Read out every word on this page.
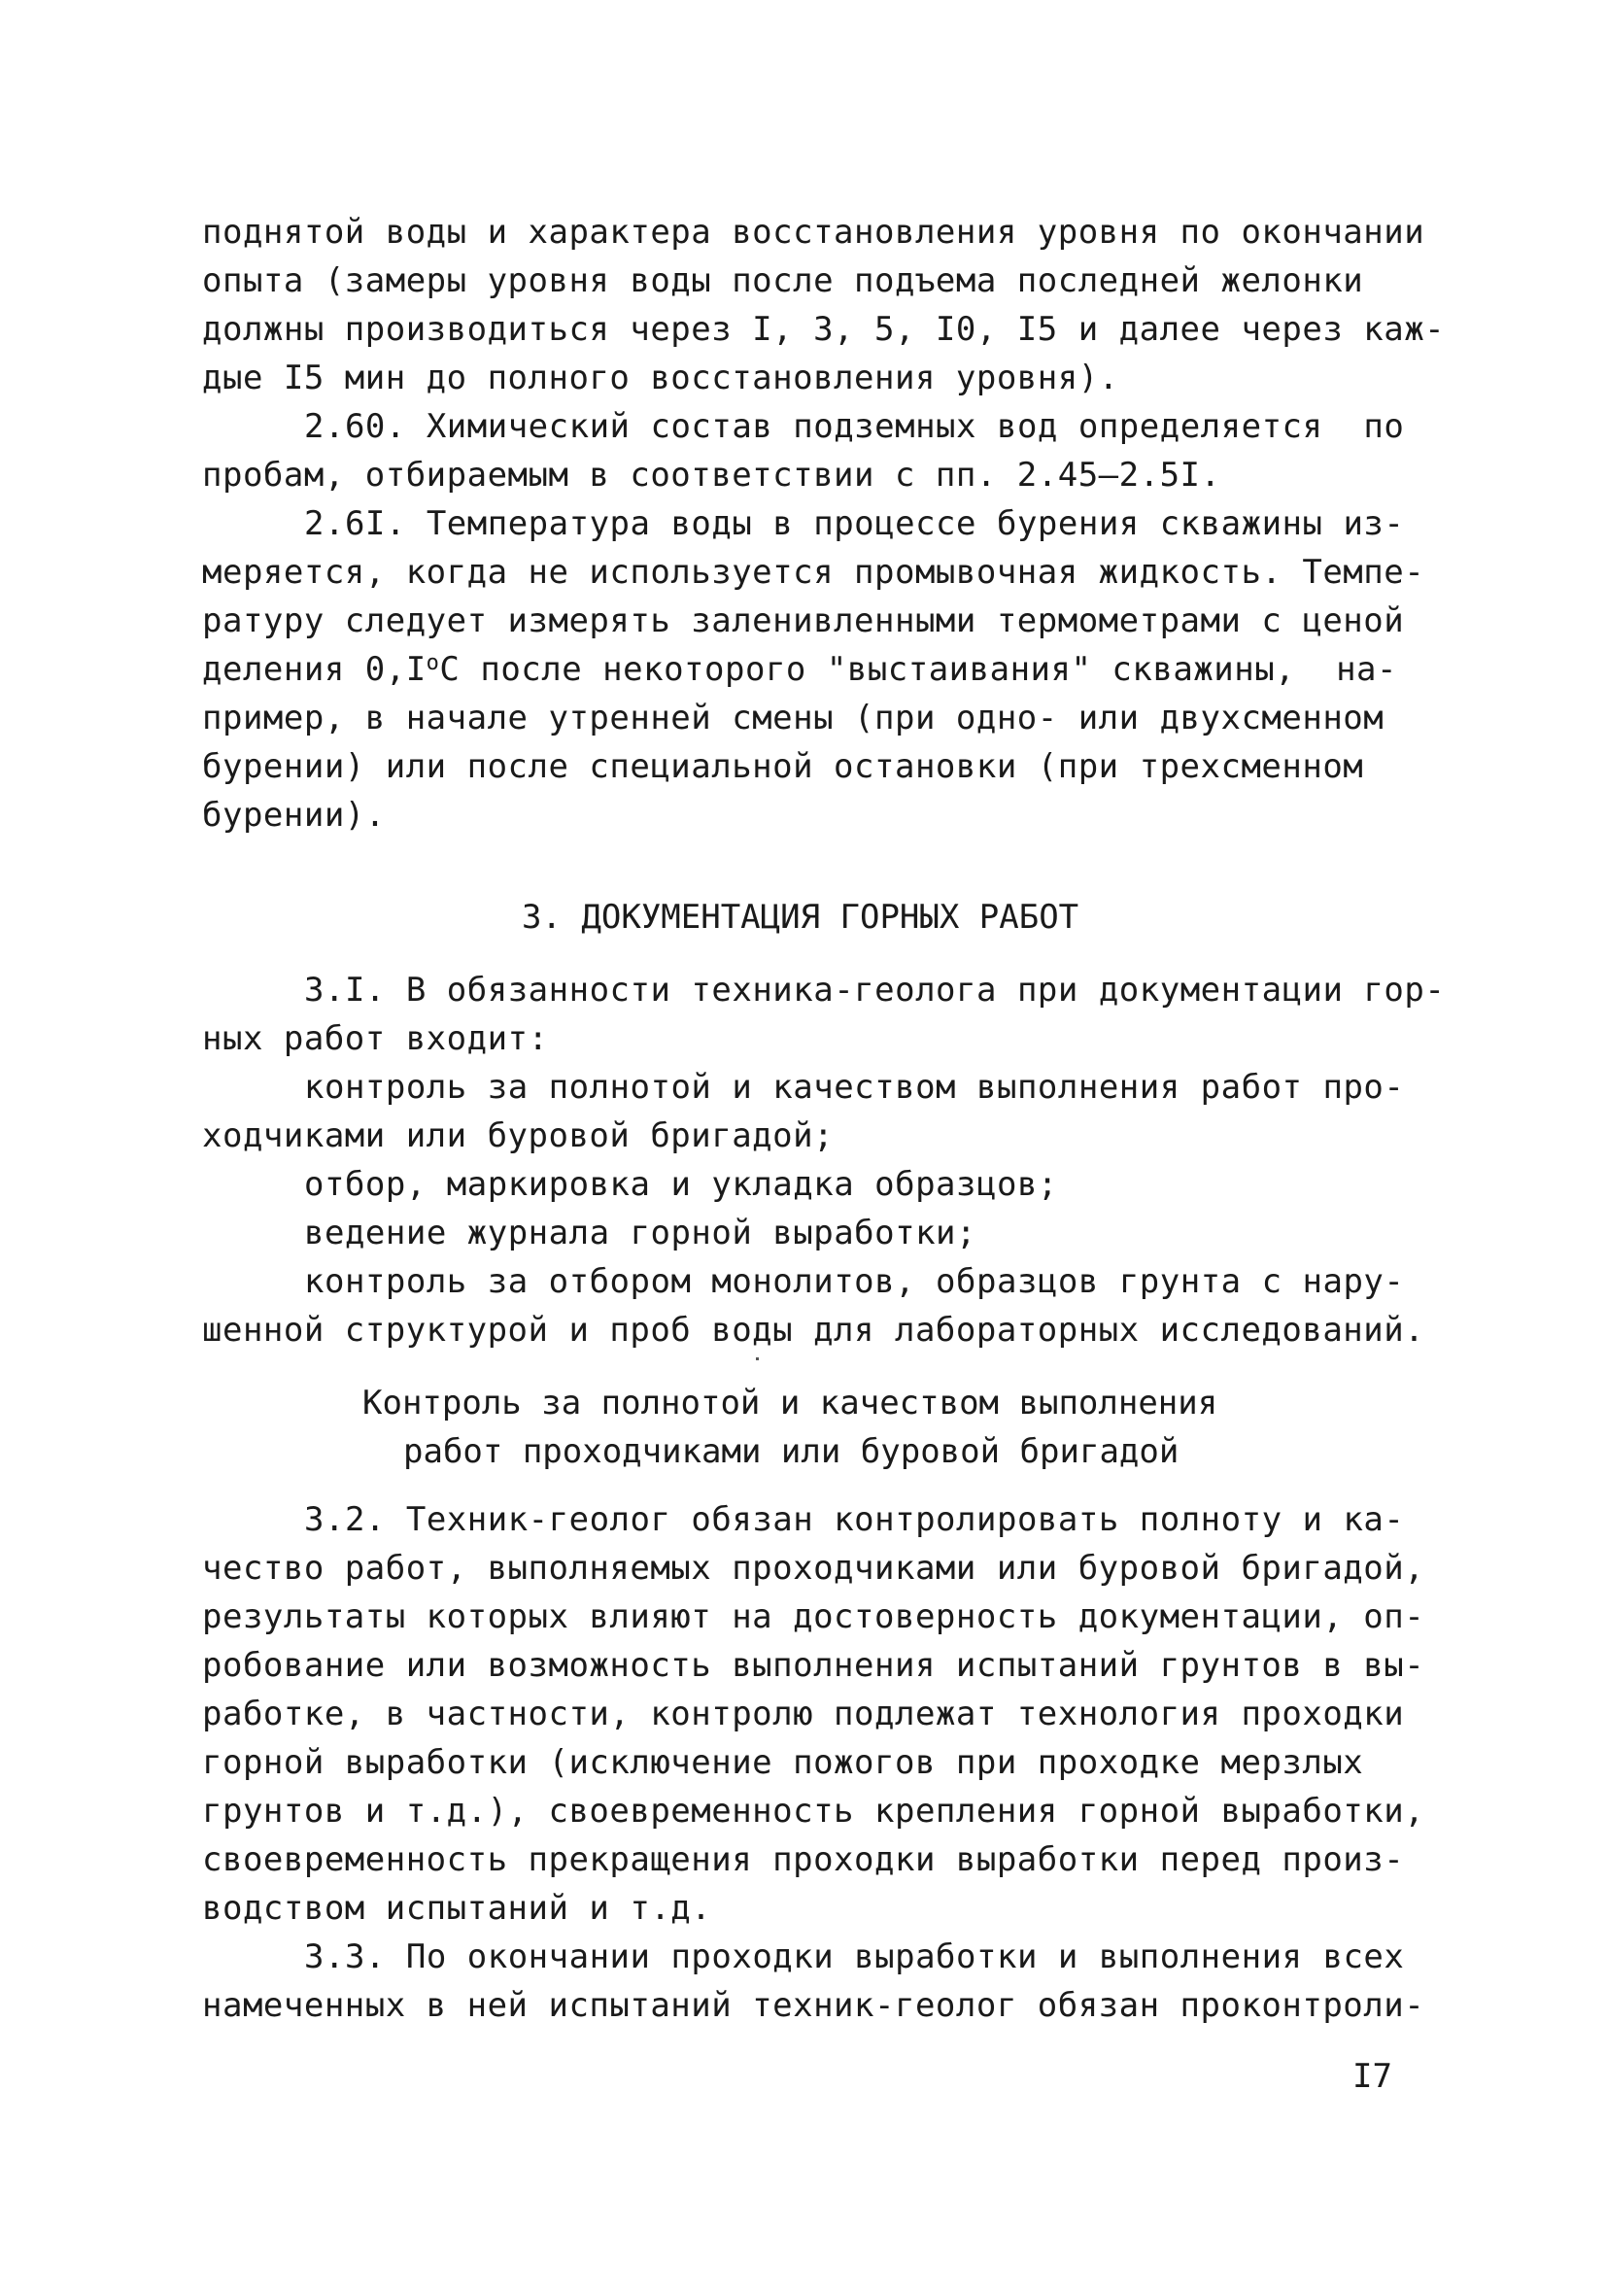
поднятой воды и характера восстановления уровня по окончании
опыта (замеры уровня воды после подъема последней желонки
должны производиться через I, 3, 5, I0, I5 и далее через каж-
дые I5 мин до полного восстановления уровня).
2.60. Химический состав подземных вод определяется  по
пробам, отбираемым в соответствии с пп. 2.45–2.5I.
2.6I. Температура воды в процессе бурения скважины из-
меряется, когда не используется промывочная жидкость. Темпе-
ратуру следует измерять заленивленными термометрами с ценой
деления $0,I^оС$ после некоторого "выстаивания" скважины,  на-
пример, в начале утренней смены (при одно- или двухсменном
бурении) или после специальной остановки (при трехсменном
бурении).
3. ДОКУМЕНТАЦИЯ ГОРНЫХ РАБОТ
3.I. В обязанности техника-геолога при документации гор-
ных работ входит:
контроль за полнотой и качеством выполнения работ про-
ходчиками или буровой бригадой;
отбор, маркировка и укладка образцов;
ведение журнала горной выработки;
контроль за отбором монолитов, образцов грунта с нару-
шенной структурой и проб воды для лабораторных исследований.
Контроль за полнотой и качеством выполнения
работ проходчиками или буровой бригадой
3.2. Техник-геолог обязан контролировать полноту и ка-
чество работ, выполняемых проходчиками или буровой бригадой,
результаты которых влияют на достоверность документации, оп-
робование или возможность выполнения испытаний грунтов в вы-
работке, в частности, контролю подлежат технология проходки
горной выработки (исключение пожогов при проходке мерзлых
грунтов и т.д.), своевременность крепления горной выработки,
своевременность прекращения проходки выработки перед произ-
водством испытаний и т.д.
3.3. По окончании проходки выработки и выполнения всех
намеченных в ней испытаний техник-геолог обязан проконтроли-
I7
